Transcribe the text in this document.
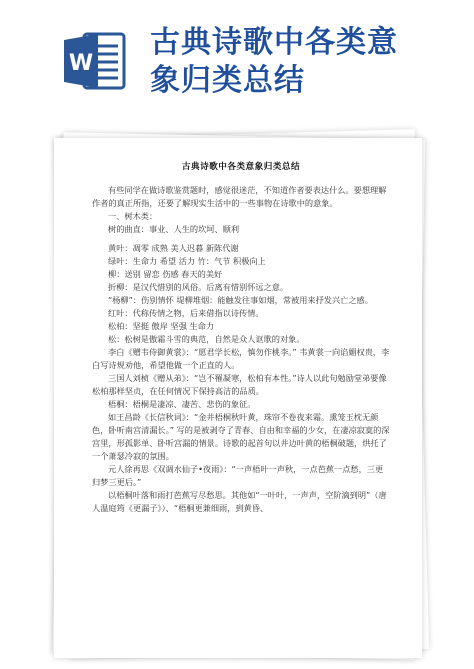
W
古典诗歌中各类意
象归类总结
古典诗歌中各类意象归类总结
有些同学在做诗歌鉴赏题时，感觉很迷茫，不知道作者要表达什么。要想理解作者的真正所指，还要了解现实生活中的一些事物在诗歌中的意象。
一、树木类：
树的曲直：事业、人生的坎坷、顺利
黄叶：凋零 成熟 美人迟暮 新陈代谢
绿叶：生命力 希望 活力 竹：气节 积极向上
柳：送别 留恋 伤感 春天的美好
折柳：是汉代惜别的风俗。后离有惜别怀远之意。
“杨柳”：伤别情怀 堤柳堆烟：能触发往事如烟，常被用来抒发兴亡之感。
红叶：代称传情之物，后来借指以诗传情。
松柏：坚挺 傲岸 坚强 生命力
松：松树是傲霜斗雪的典范，自然是众人讴歌的对象。
李白《赠韦侍御黄裳》：“愿君学长松，慎勿作桃李。” 韦黄裳一向谄媚权贵，李白写诗规劝他，希望他做一个正直的人。
三国人刘桢《赠从弟》：“岂不罹凝寒，松柏有本性。”诗人以此句勉励堂弟要像松柏那样坚贞，在任何情况下保持高洁的品质。
梧桐：梧桐是凄凉、凄苦、悲伤的象征。
如王昌龄《长信秋词》：“金井梧桐秋叶黄，珠帘不卷夜来霜。熏笼玉枕无颜色，卧听南宫清漏长。” 写的是被剥夺了青春、自由和幸福的少女，在凄凉寂寞的深宫里，形孤影单、卧听宫漏的情景。诗歌的起首句以井边叶黄的梧桐破题，烘托了一个萧瑟冷寂的氛围。
元人徐再思《双调水仙子•夜雨》：“一声梧叶一声秋，一点芭蕉一点愁，三更归梦三更后。”
以梧桐叶落和雨打芭蕉写尽愁思。其他如“一叶叶，一声声，空阶滴到明”（唐人温庭筠《更漏子》）、“梧桐更兼细雨，到黄昏、
